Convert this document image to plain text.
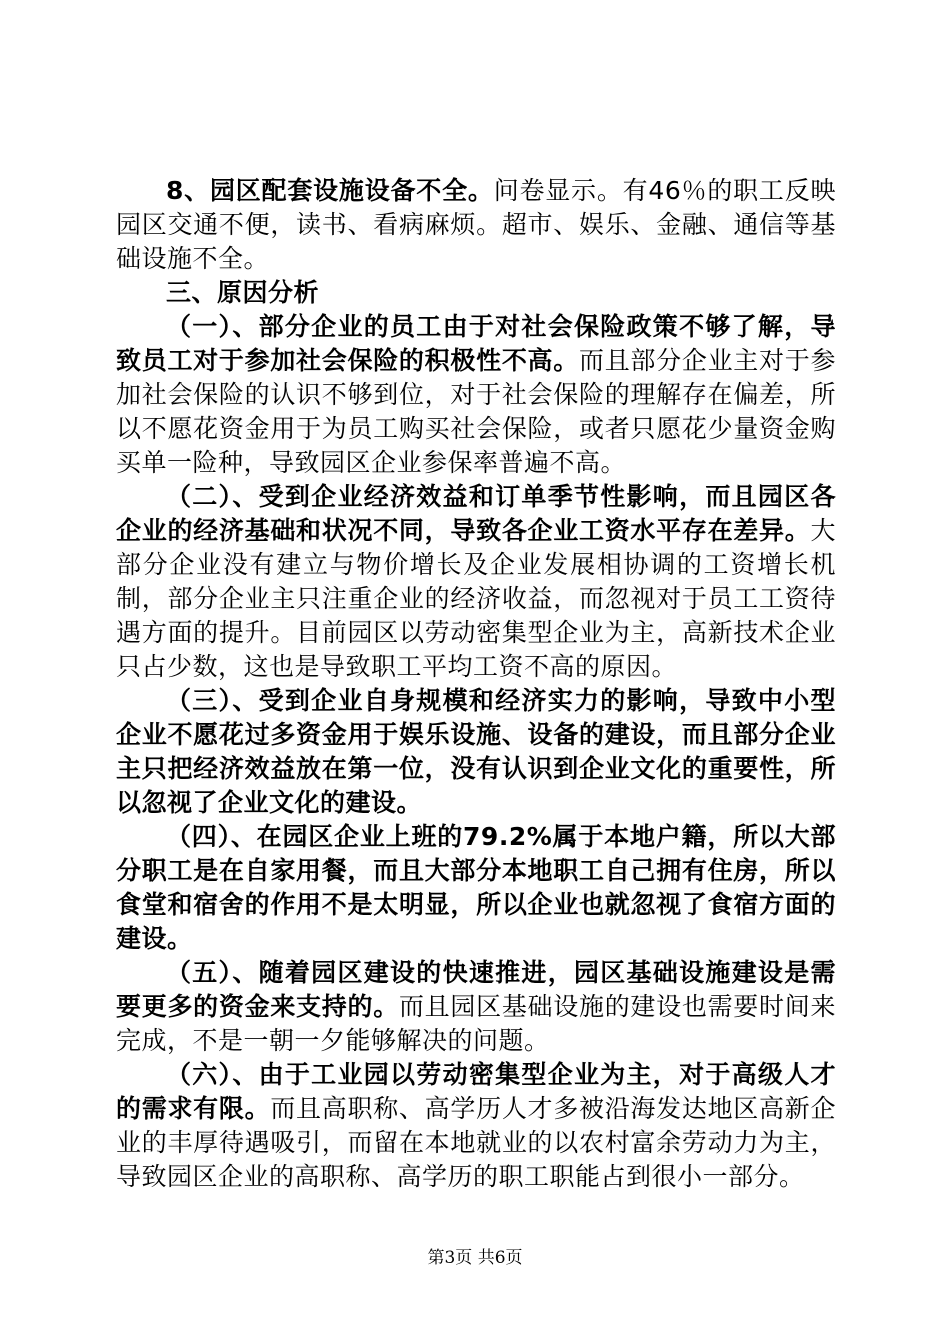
8、园区配套设施设备不全。问卷显示。有46％的职工反映园区交通不便，读书、看病麻烦。超市、娱乐、金融、通信等基础设施不全。

三、原因分析

（一）、部分企业的员工由于对社会保险政策不够了解，导致员工对于参加社会保险的积极性不高。而且部分企业主对于参加社会保险的认识不够到位，对于社会保险的理解存在偏差，所以不愿花资金用于为员工购买社会保险，或者只愿花少量资金购买单一险种，导致园区企业参保率普遍不高。

（二）、受到企业经济效益和订单季节性影响，而且园区各企业的经济基础和状况不同，导致各企业工资水平存在差异。大部分企业没有建立与物价增长及企业发展相协调的工资增长机制，部分企业主只注重企业的经济收益，而忽视对于员工工资待遇方面的提升。目前园区以劳动密集型企业为主，高新技术企业只占少数，这也是导致职工平均工资不高的原因。

（三）、受到企业自身规模和经济实力的影响，导致中小型企业不愿花过多资金用于娱乐设施、设备的建设，而且部分企业主只把经济效益放在第一位，没有认识到企业文化的重要性，所以忽视了企业文化的建设。

（四）、在园区企业上班的79.2%属于本地户籍，所以大部分职工是在自家用餐，而且大部分本地职工自己拥有住房，所以食堂和宿舍的作用不是太明显，所以企业也就忽视了食宿方面的建设。

（五）、随着园区建设的快速推进，园区基础设施建设是需要更多的资金来支持的。而且园区基础设施的建设也需要时间来完成，不是一朝一夕能够解决的问题。

（六）、由于工业园以劳动密集型企业为主，对于高级人才的需求有限。而且高职称、高学历人才多被沿海发达地区高新企业的丰厚待遇吸引，而留在本地就业的以农村富余劳动力为主，导致园区企业的高职称、高学历的职工职能占到很小一部分。

第3页 共6页
